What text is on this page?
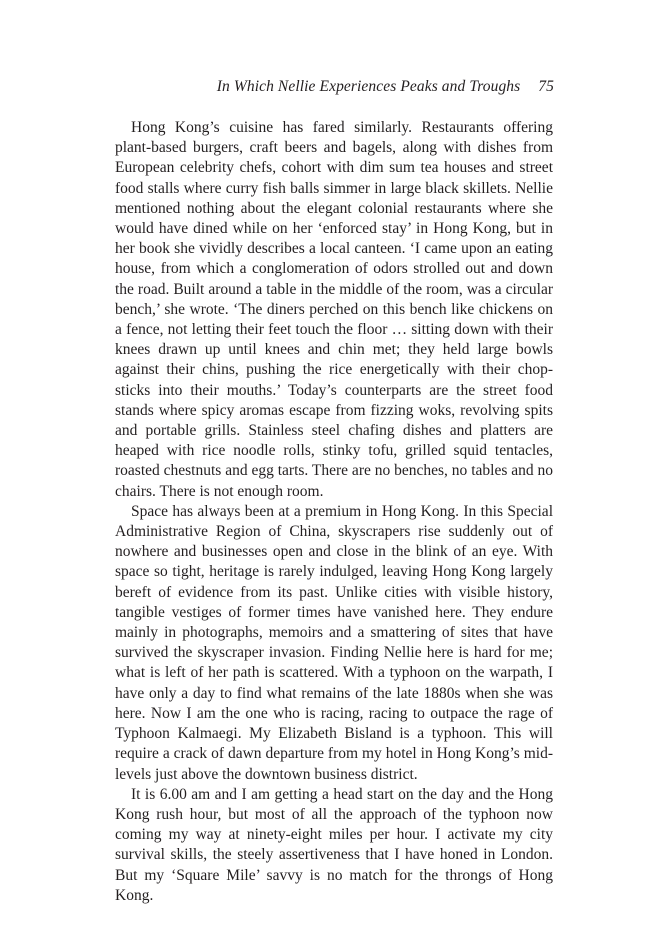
In Which Nellie Experiences Peaks and Troughs 75

Hong Kong’s cuisine has fared similarly. Restaurants offering plant-based burgers, craft beers and bagels, along with dishes from European celebrity chefs, cohort with dim sum tea houses and street food stalls where curry fish balls simmer in large black skillets. Nellie mentioned nothing about the elegant colonial restaurants where she would have dined while on her ‘enforced stay’ in Hong Kong, but in her book she vividly describes a local canteen. ‘I came upon an eating house, from which a conglomeration of odors strolled out and down the road. Built around a table in the middle of the room, was a circular bench,’ she wrote. ‘The diners perched on this bench like chickens on a fence, not letting their feet touch the floor … sitting down with their knees drawn up until knees and chin met; they held large bowls against their chins, pushing the rice energetically with their chop-sticks into their mouths.’ Today’s counterparts are the street food stands where spicy aromas escape from fizzing woks, revolving spits and portable grills. Stainless steel chafing dishes and platters are heaped with rice noodle rolls, stinky tofu, grilled squid tentacles, roasted chestnuts and egg tarts. There are no benches, no tables and no chairs. There is not enough room.

Space has always been at a premium in Hong Kong. In this Special Administrative Region of China, skyscrapers rise suddenly out of nowhere and businesses open and close in the blink of an eye. With space so tight, heritage is rarely indulged, leaving Hong Kong largely bereft of evidence from its past. Unlike cities with visible history, tangible vestiges of former times have vanished here. They endure mainly in photographs, memoirs and a smattering of sites that have survived the skyscraper invasion. Finding Nellie here is hard for me; what is left of her path is scattered. With a typhoon on the warpath, I have only a day to find what remains of the late 1880s when she was here. Now I am the one who is racing, racing to outpace the rage of Typhoon Kalmaegi. My Elizabeth Bisland is a typhoon. This will require a crack of dawn departure from my hotel in Hong Kong’s mid-levels just above the downtown business district.

It is 6.00 am and I am getting a head start on the day and the Hong Kong rush hour, but most of all the approach of the typhoon now coming my way at ninety-eight miles per hour. I activate my city survival skills, the steely assertiveness that I have honed in London. But my ‘Square Mile’ savvy is no match for the throngs of Hong Kong.
